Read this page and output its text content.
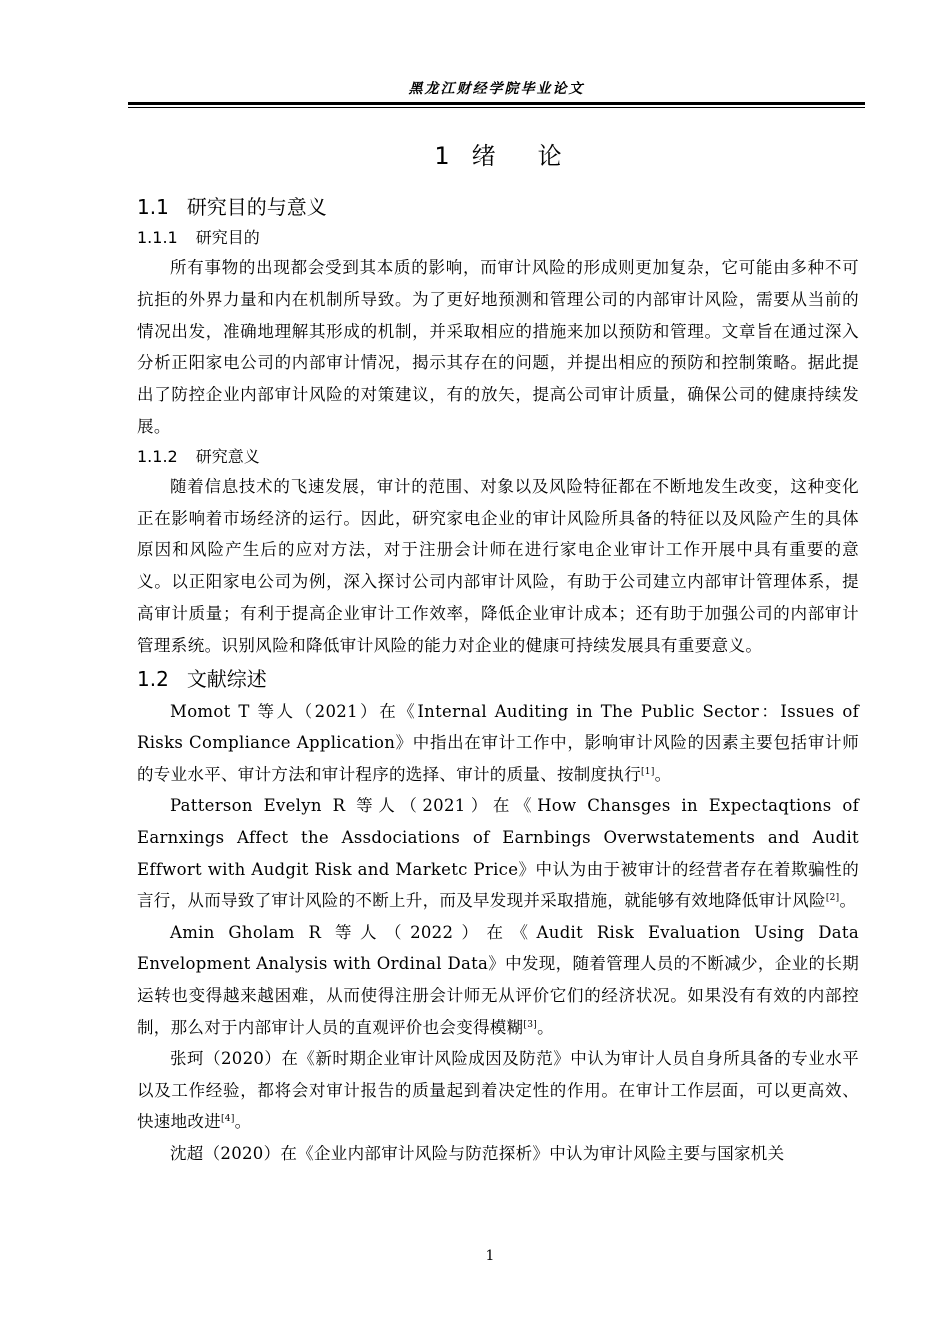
黑龙江财经学院毕业论文
1 绪 论
1.1 研究目的与意义
1.1.1 研究目的

所有事物的出现都会受到其本质的影响，而审计风险的形成则更加复杂，它可能由多种不可抗拒的外界力量和内在机制所导致。为了更好地预测和管理公司的内部审计风险，需要从当前的情况出发，准确地理解其形成的机制，并采取相应的措施来加以预防和管理。文章旨在通过深入分析正阳家电公司的内部审计情况，揭示其存在的问题，并提出相应的预防和控制策略。据此提出了防控企业内部审计风险的对策建议，有的放矢，提高公司审计质量，确保公司的健康持续发展。

1.1.2 研究意义

随着信息技术的飞速发展，审计的范围、对象以及风险特征都在不断地发生改变，这种变化正在影响着市场经济的运行。因此，研究家电企业的审计风险所具备的特征以及风险产生的具体原因和风险产生后的应对方法，对于注册会计师在进行家电企业审计工作开展中具有重要的意义。以正阳家电公司为例，深入探讨公司内部审计风险，有助于公司建立内部审计管理体系，提高审计质量；有利于提高企业审计工作效率，降低企业审计成本；还有助于加强公司的内部审计管理系统。识别风险和降低审计风险的能力对企业的健康可持续发展具有重要意义。

1.2 文献综述

Momot T 等人（2021）在《Internal Auditing in The Public Sector：Issues of Risks Compliance Application》中指出在审计工作中，影响审计风险的因素主要包括审计师的专业水平、审计方法和审计程序的选择、审计的质量、按制度执行[1]。

Patterson Evelyn R 等人（2021）在《How Chansges in Expectaqtions of Earnxings Affect the Assdociations of Earnbings Overwstatements and Audit Effwort with Audgit Risk and Marketc Price》中认为由于被审计的经营者存在着欺骗性的言行，从而导致了审计风险的不断上升，而及早发现并采取措施，就能够有效地降低审计风险[2]。

Amin Gholam R 等人（2022）在《Audit Risk Evaluation Using Data Envelopment Analysis with Ordinal Data》中发现，随着管理人员的不断减少，企业的长期运转也变得越来越困难，从而使得注册会计师无从评价它们的经济状况。如果没有有效的内部控制，那么对于内部审计人员的直观评价也会变得模糊[3]。

张珂（2020）在《新时期企业审计风险成因及防范》中认为审计人员自身所具备的专业水平以及工作经验，都将会对审计报告的质量起到着决定性的作用。在审计工作层面，可以更高效、快速地改进[4]。

沈超（2020）在《企业内部审计风险与防范探析》中认为审计风险主要与国家机关

1
